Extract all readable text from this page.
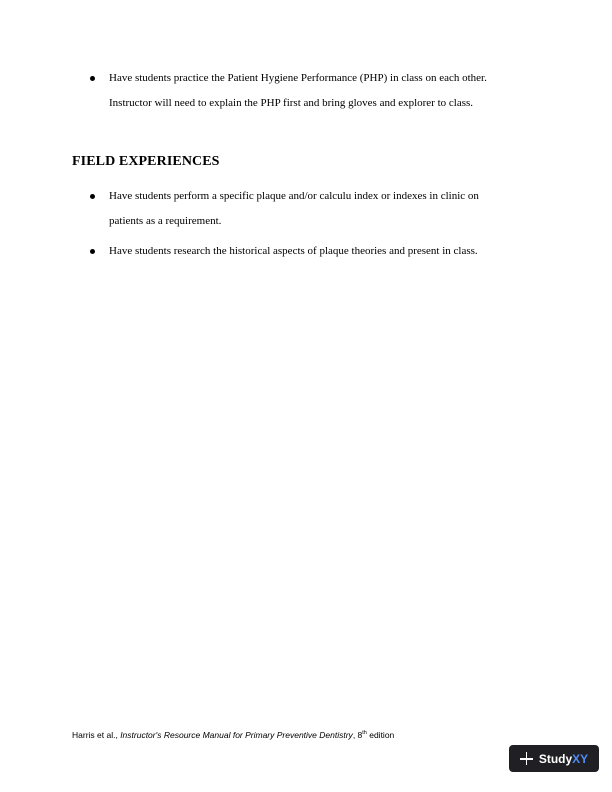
Have students practice the Patient Hygiene Performance (PHP) in class on each other.
Instructor will need to explain the PHP first and bring gloves and explorer to class.
FIELD EXPERIENCES
Have students perform a specific plaque and/or calculu index or indexes in clinic on
patients as a requirement.
Have students research the historical aspects of plaque theories and present in class.
Harris et al., Instructor's Resource Manual for Primary Preventive Dentistry, 8th edition
Study XY
